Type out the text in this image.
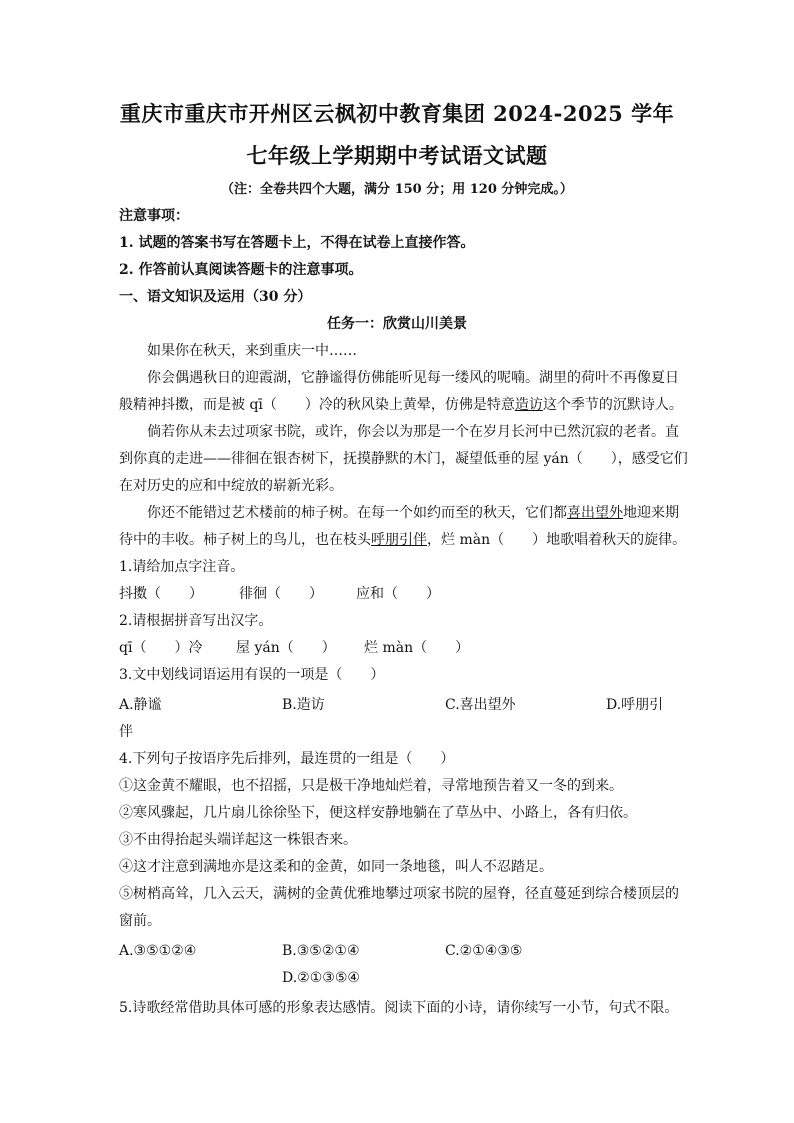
重庆市重庆市开州区云枫初中教育集团 2024-2025 学年
七年级上学期期中考试语文试题
（注：全卷共四个大题，满分 150 分；用 120 分钟完成。）
注意事项：
1. 试题的答案书写在答题卡上，不得在试卷上直接作答。
2. 作答前认真阅读答题卡的注意事项。
一、语文知识及运用（30 分）
任务一：欣赏山川美景
如果你在秋天，来到重庆一中……
你会偶遇秋日的迎霞湖，它静谧得仿佛能听见每一缕风的呢喃。湖里的荷叶不再像夏日
般精神抖擞，而是被 qī（　　）冷的秋风染上黄晕，仿佛是特意造访这个季节的沉默诗人。
倘若你从未去过项家书院，或许，你会以为那是一个在岁月长河中已然沉寂的老者。直
到你真的走进——徘徊在银杏树下，抚摸静默的木门，凝望低垂的屋 yán（　　），感受它们
在对历史的应和中绽放的崭新光彩。
你还不能错过艺术楼前的柿子树。在每一个如约而至的秋天，它们都喜出望外地迎来期
待中的丰收。柿子树上的鸟儿，也在枝头呼朋引伴，烂 màn（　　）地歌唱着秋天的旋律。
1.请给加点字注音。
抖擞（　　）	徘徊（　　） 应和（　　）
2.请根据拼音写出汉字。
qī（　　）冷 屋 yán（　　） 烂 màn（　　）
3.文中划线词语运用有误的一项是（　　）
A.静谧	B.造访	C.喜出望外	D.呼朋引
伴
4.下列句子按语序先后排列，最连贯的一组是（　　）
①这金黄不耀眼，也不招摇，只是极干净地灿烂着，寻常地预告着又一冬的到来。
②寒风骤起，几片扇儿徐徐坠下，便这样安静地躺在了草丛中、小路上，各有归依。
③不由得抬起头端详起这一株银杏来。
④这才注意到满地亦是这柔和的金黄，如同一条地毯，叫人不忍踏足。
⑤树梢高耸，几入云天，满树的金黄优雅地攀过项家书院的屋脊，径直蔓延到综合楼顶层的
窗前。
A.③⑤①②④	B.③⑤②①④	C.②①④③⑤
D.②①③⑤④
5.诗歌经常借助具体可感的形象表达感情。阅读下面的小诗，请你续写一小节，句式不限。
